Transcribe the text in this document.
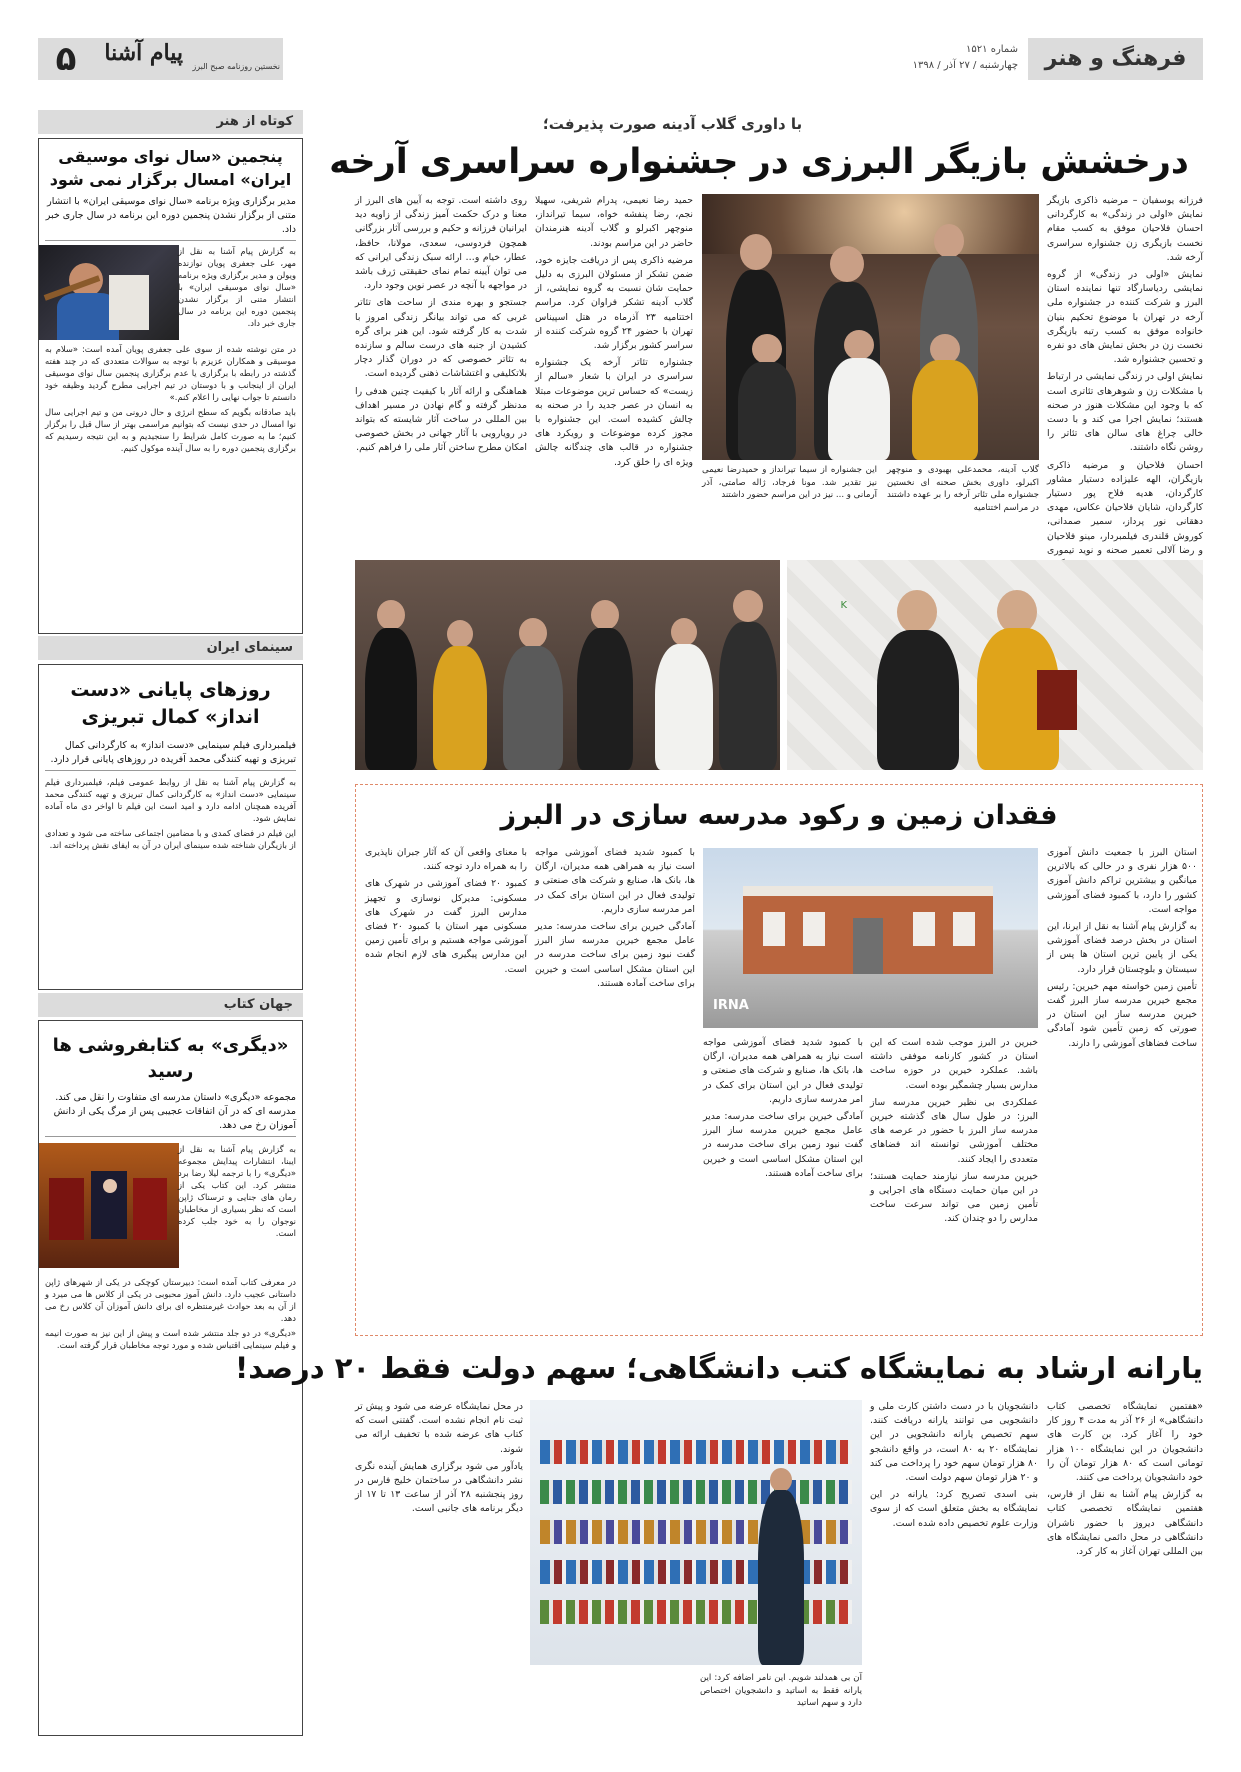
فرهنگ و هنر
شماره ۱۵۲۱
چهارشنبه / ۲۷ آذر / ۱۳۹۸
۵	پیام آشنا
نخستین روزنامه صبح البرز
کوتاه از هنر
پنجمین «سال نوای موسیقی ایران» امسال برگزار نمی شود
مدیر برگزاری ویژه برنامه «سال نوای موسیقی ایران» با انتشار متنی از برگزار نشدن پنجمین دوره این برنامه در سال جاری خبر داد.
به گزارش پیام آشنا به نقل از مهر، علی جعفری پویان نوازنده ویولن و مدیر برگزاری ویژه برنامه «سال نوای موسیقی ایران» با انتشار متنی از برگزار نشدن پنجمین دوره این برنامه در سال جاری خبر داد.
در متن نوشته شده از سوی علی جعفری پویان آمده است: «سلام به موسیقی و همکاران عزیزم با توجه به سوالات متعددی که در چند هفته گذشته در رابطه با برگزاری یا عدم برگزاری پنجمین سال نوای موسیقی ایران از اینجانب و با دوستان در تیم اجرایی مطرح گردید وظیفه خود دانستم تا جواب نهایی را اعلام کنم.»
باید صادقانه بگویم که سطح انرژی و حال درونی من و تیم اجرایی سال نوا امسال در حدی نیست که بتوانیم مراسمی بهتر از سال قبل را برگزار کنیم؛ ما به صورت کامل شرایط را سنجیدیم و به این نتیجه رسیدیم که برگزاری پنجمین دوره را به سال آینده موکول کنیم.
سینمای ایران
روزهای پایانی «دست انداز» کمال تبریزی
فیلمبرداری فیلم سینمایی «دست انداز» به کارگردانی کمال تبریزی و تهیه کنندگی محمد آفریده در روزهای پایانی قرار دارد.
به گزارش پیام آشنا به نقل از روابط عمومی فیلم، فیلمبرداری فیلم سینمایی «دست انداز» به کارگردانی کمال تبریزی و تهیه کنندگی محمد آفریده همچنان ادامه دارد و امید است این فیلم تا اواخر دی ماه آماده نمایش شود.
این فیلم در فضای کمدی و با مضامین اجتماعی ساخته می شود و تعدادی از بازیگران شناخته شده سینمای ایران در آن به ایفای نقش پرداخته اند.
جهان کتاب
«دیگری» به کتابفروشی ها رسید
مجموعه «دیگری» داستان مدرسه ای متفاوت را نقل می کند. مدرسه ای که در آن اتفاقات عجیبی پس از مرگ یکی از دانش آموزان رخ می دهد.
به گزارش پیام آشنا به نقل از ایبنا، انتشارات پیدایش مجموعه «دیگری» را با ترجمه لیلا رضا برد منتشر کرد. این کتاب یکی از رمان های جنایی و ترسناک ژاپن است که نظر بسیاری از مخاطبان نوجوان را به خود جلب کرده است.
در معرفی کتاب آمده است: دبیرستان کوچکی در یکی از شهرهای ژاپن داستانی عجیب دارد. دانش آموز محبوبی در یکی از کلاس ها می میرد و از آن به بعد حوادث غیرمنتظره ای برای دانش آموزان آن کلاس رخ می دهد.
«دیگری» در دو جلد منتشر شده است و پیش از این نیز به صورت انیمه و فیلم سینمایی اقتباس شده و مورد توجه مخاطبان قرار گرفته است.
با داوری گلاب آدینه صورت پذیرفت؛
درخشش بازیگر البرزی در جشنواره سراسری آرخه

فرزانه یوسفیان – مرضیه ذاکری بازیگر نمایش «اولی در زندگی» به کارگردانی احسان فلاحیان موفق به کسب مقام نخست بازیگری زن جشنواره سراسری آرخه شد.

نمایش «اولی در زندگی» از گروه نمایشی ردیاسارگاد تنها نماینده استان البرز و شرکت کننده در جشنواره ملی آرخه در تهران با موضوع تحکیم بنیان خانواده موفق به کسب رتبه بازیگری نخست زن در بخش نمایش های دو نفره و تحسین جشنواره شد.

نمایش اولی در زندگی نمایشی در ارتباط با مشکلات زن و شوهرهای تئاتری است که با وجود این مشکلات هنوز در صحنه هستند؛ نمایش اجرا می کند و با دست خالی چراغ های سالن های تئاتر را روشن نگاه داشتند.

احسان فلاحیان و مرضیه ذاکری بازیگران، الهه علیزاده دستیار مشاور کارگردان، هدیه فلاح پور دستیار کارگردان، شایان فلاحیان عکاس، مهدی دهقانی نور پرداز، سمیر صمدانی، کوروش قلندری فیلمبردار، مینو فلاحیان و رضا آلالی تعمیر صحنه و نوید تیموری

گلاب آدینه، محمدعلی بهبودی و منوچهر اکبرلو، داوری بخش صحنه ای نخستین جشنواره ملی تئاتر آرخه را بر عهده داشتند در مراسم اختتامیه
این جشنواره از سیما تیرانداز و حمیدرضا نعیمی نیز تقدیر شد. مونا فرجاد، ژاله صامتی، آذر آرمانی و ... نیز در این مراسم حضور داشتند

حمید رضا نعیمی، پدرام شریفی، سهیلا نجم، رضا پنفشه خواه، سیما تیرانداز، منوچهر اکبرلو و گلاب آدینه هنرمندان حاضر در این مراسم بودند.

مرضیه ذاکری پس از دریافت جایزه خود، ضمن تشکر از مسئولان البرزی به دلیل حمایت شان نسبت به گروه نمایشی، از گلاب آدینه تشکر فراوان کرد. مراسم اختتامیه ۲۳ آذرماه در هتل اسپیناس تهران با حضور ۲۴ گروه شرکت کننده از سراسر کشور برگزار شد.

جشنواره تئاتر آرخه یک جشنواره سراسری در ایران با شعار «سالم از زیست» که حساس ترین موضوعات مبتلا به انسان در عصر جدید را در صحنه به چالش کشیده است. این جشنواره با مجوز کرده موضوعات و رویکرد های جشنواره در قالب های چندگانه چالش ویژه ای را خلق کرد.

روی داشته است. توجه به آیین های البرز از معنا و درک حکمت آمیز زندگی از زاویه دید ایرانیان فرزانه و حکیم و بررسی آثار بزرگانی همچون فردوسی، سعدی، مولانا، حافظ، عطار، خیام و… ارائه سبک زندگی ایرانی که می توان آیینه تمام نمای حقیقتی ژرف باشد در مواجهه با آنچه در عصر نوین وجود دارد.

جستجو و بهره مندی از ساحت های تئاتر غربی که می تواند بیانگر زندگی امروز با شدت به کار گرفته شود. این هنر برای گره کشیدن از جنبه های درست سالم و سازنده به تئاتر خصوصی که در دوران گذار دچار بلاتکلیفی و اغتشاشات ذهنی گردیده است.

هماهنگی و ارائه آثار با کیفیت چنین هدفی را مدنظر گرفته و گام نهادن در مسیر اهداف بین المللی در ساخت آثار شایسته که بتواند در رویارویی با آثار جهانی در بخش خصوصی امکان مطرح ساختن آثار ملی را فراهم کنیم.

K
فقدان زمین و رکود مدرسه سازی در البرز

استان البرز با جمعیت دانش آموزی ۵۰۰ هزار نفری و در حالی که بالاترین میانگین و بیشترین تراکم دانش آموزی کشور را دارد، با کمبود فضای آموزشی مواجه است.

به گزارش پیام آشنا به نقل از ایرنا، این استان در بخش درصد فضای آموزشی یکی از پایین ترین استان ها پس از سیستان و بلوچستان قرار دارد.

تأمین زمین خواسته مهم خیرین: رئیس مجمع خیرین مدرسه ساز البرز گفت خیرین مدرسه ساز این استان در صورتی که زمین تأمین شود آمادگی ساخت فضاهای آموزشی را دارند.

IRNA

خبرین در البرز موجب شده است که این استان در کشور کارنامه موفقی داشته باشد. عملکرد خیرین در حوزه ساخت مدارس بسیار چشمگیر بوده است.

عملکردی بی نظیر خیرین مدرسه ساز البرز: در طول سال های گذشته خیرین مدرسه ساز البرز با حضور در عرصه های مختلف آموزشی توانسته اند فضاهای متعددی را ایجاد کنند.

خیرین مدرسه ساز نیازمند حمایت هستند؛ در این میان حمایت دستگاه های اجرایی و تأمین زمین می تواند سرعت ساخت مدارس را دو چندان کند.

با کمبود شدید فضای آموزشی مواجه است نیاز به همراهی همه مدیران، ارگان ها، بانک ها، صنایع و شرکت های صنعتی و تولیدی فعال در این استان برای کمک در امر مدرسه سازی داریم.

آمادگی خیرین برای ساخت مدرسه: مدیر عامل مجمع خیرین مدرسه ساز البرز گفت نبود زمین برای ساخت مدرسه در این استان مشکل اساسی است و خیرین برای ساخت آماده هستند.

با کمبود شدید فضای آموزشی مواجه است نیاز به همراهی همه مدیران، ارگان ها، بانک ها، صنایع و شرکت های صنعتی و تولیدی فعال در این استان برای کمک در امر مدرسه سازی داریم.

آمادگی خیرین برای ساخت مدرسه: مدیر عامل مجمع خیرین مدرسه ساز البرز گفت نبود زمین برای ساخت مدرسه در این استان مشکل اساسی است و خیرین برای ساخت آماده هستند.

با معنای واقعی آن که آثار جبران ناپذیری را به همراه دارد توجه کنند.

کمبود ۲۰ فضای آموزشی در شهرک های مسکونی: مدیرکل نوسازی و تجهیز مدارس البرز گفت در شهرک های مسکونی مهر استان با کمبود ۲۰ فضای آموزشی مواجه هستیم و برای تأمین زمین این مدارس پیگیری های لازم انجام شده است.

یارانه ارشاد به نمایشگاه کتب دانشگاهی؛ سهم دولت فقط ۲۰ درصد!

«هفتمین نمایشگاه تخصصی کتاب دانشگاهی» از ۲۶ آذر به مدت ۴ روز کار خود را آغاز کرد. بن کارت های دانشجویان در این نمایشگاه ۱۰۰ هزار تومانی است که ۸۰ هزار تومان آن را خود دانشجویان پرداخت می کنند.

به گزارش پیام آشنا به نقل از فارس، هفتمین نمایشگاه تخصصی کتاب دانشگاهی دیروز با حضور ناشران دانشگاهی در محل دائمی نمایشگاه های بین المللی تهران آغاز به کار کرد.

دانشجویان با در دست داشتن کارت ملی و دانشجویی می توانند یارانه دریافت کنند. سهم تخصیص یارانه دانشجویی در این نمایشگاه ۲۰ به ۸۰ است، در واقع دانشجو ۸۰ هزار تومان سهم خود را پرداخت می کند و ۲۰ هزار تومان سهم دولت است.

بنی اسدی تصریح کرد: یارانه در این نمایشگاه به بخش متعلق است که از سوی وزارت علوم تخصیص داده شده است.

آن بی همدلند شویم. این نامر اضافه کرد: این یارانه فقط به اساتید و دانشجویان اختصاص دارد و سهم اساتید

در محل نمایشگاه عرضه می شود و پیش تر ثبت نام انجام نشده است. گفتنی است که کتاب های عرضه شده با تخفیف ارائه می شوند.

یادآور می شود برگزاری همایش آینده نگری نشر دانشگاهی در ساختمان خلیج فارس در روز پنجشنبه ۲۸ آذر از ساعت ۱۳ تا ۱۷ از دیگر برنامه های جانبی است.
